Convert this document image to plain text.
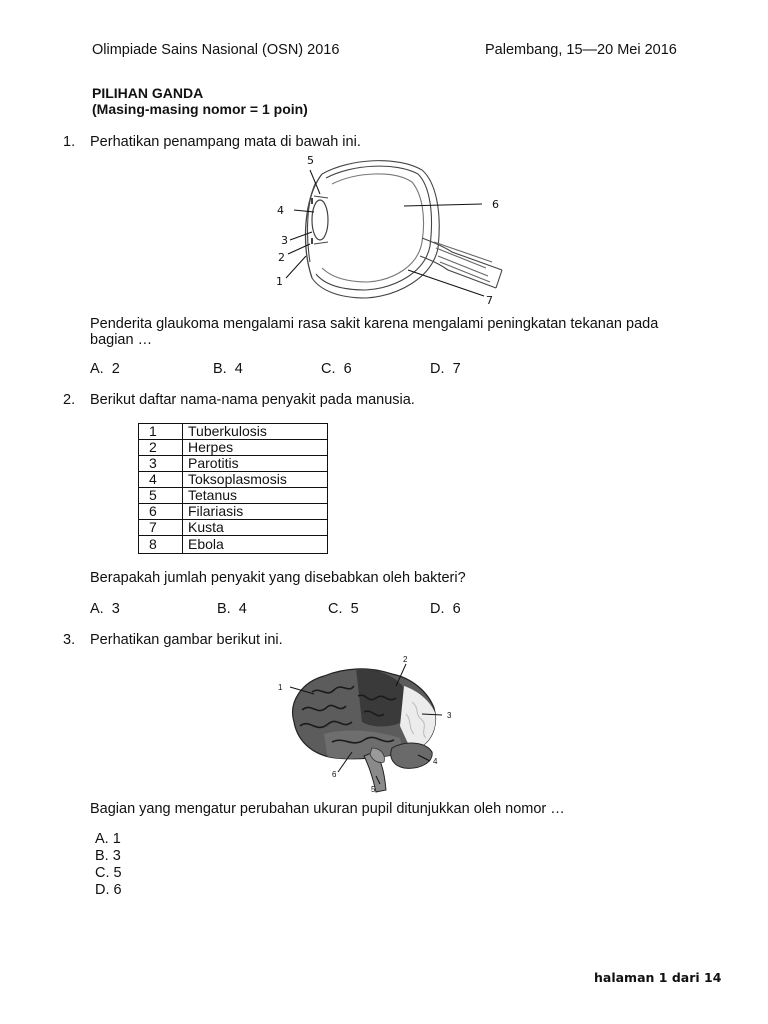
Olimpiade Sains Nasional (OSN) 2016	Palembang, 15—20 Mei 2016
PILIHAN GANDA
(Masing-masing nomor = 1 poin)
1. Perhatikan penampang mata di bawah ini.
5
4
3
2
1
6
7
Penderita glaukoma mengalami rasa sakit karena mengalami peningkatan tekanan pada
bagian …
A. 2	B. 4	C. 6	D. 7
2. Berikut daftar nama-nama penyakit pada manusia.
1	Tuberkulosis
2	Herpes
3	Parotitis
4	Toksoplasmosis
5	Tetanus
6	Filariasis
7	Kusta
8	Ebola
Berapakah jumlah penyakit yang disebabkan oleh bakteri?
A. 3	B. 4	C. 5	D. 6
3. Perhatikan gambar berikut ini.
1
2
3
4
5
6
Bagian yang mengatur perubahan ukuran pupil ditunjukkan oleh nomor …
A. 1
B. 3
C. 5
D. 6
halaman 1 dari 14
